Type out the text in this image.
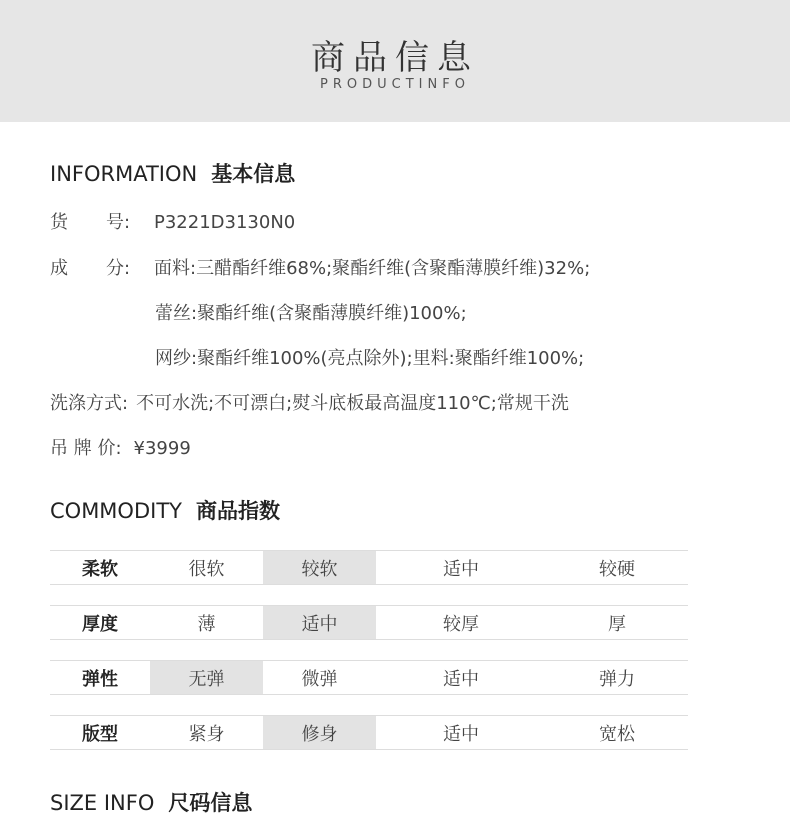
商品信息
PRODUCTINFO
INFORMATION 基本信息
货 号: P3221D3130N0
成 分: 面料:三醋酯纤维68%;聚酯纤维(含聚酯薄膜纤维)32%;
蕾丝:聚酯纤维(含聚酯薄膜纤维)100%;
网纱:聚酯纤维100%(亮点除外);里料:聚酯纤维100%;
洗涤方式: 不可水洗;不可漂白;熨斗底板最高温度110℃;常规干洗
吊 牌 价: ¥3999
COMMODITY 商品指数
柔软	很软	较软	适中	较硬
厚度	薄	适中	较厚	厚
弹性	无弹	微弹	适中	弹力
版型	紧身	修身	适中	宽松
SIZE INFO 尺码信息
